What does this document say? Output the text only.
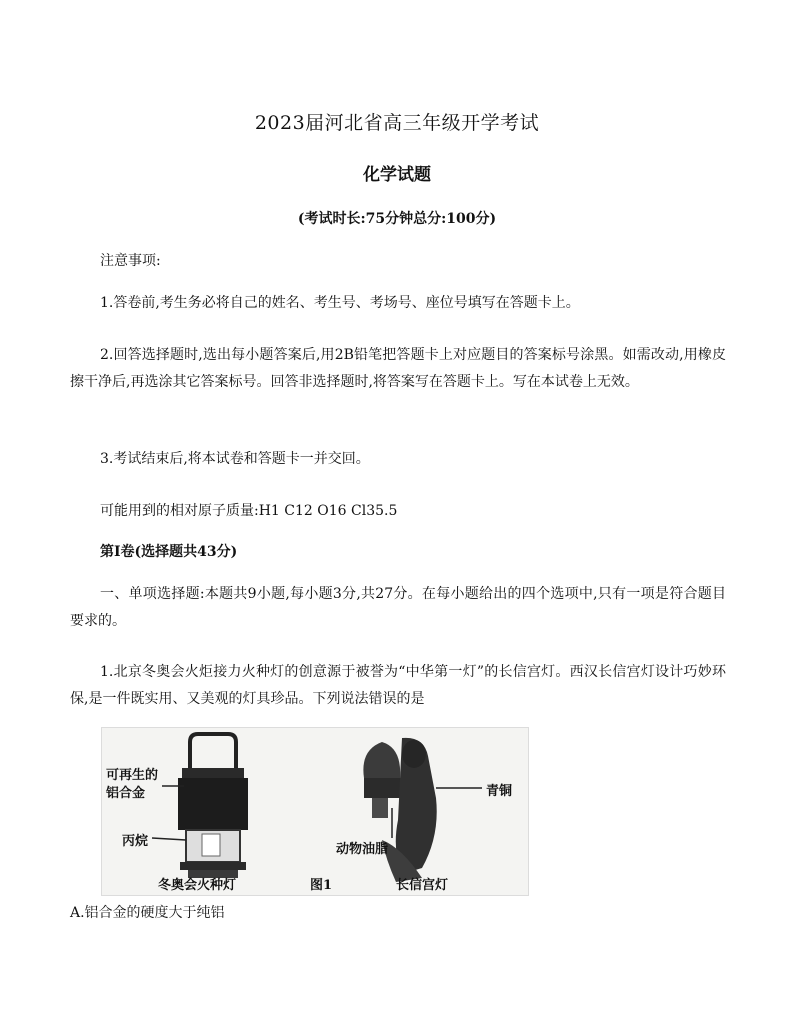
2023届河北省高三年级开学考试
化学试题
(考试时长:75分钟总分:100分)
注意事项:
1.答卷前,考生务必将自己的姓名、考生号、考场号、座位号填写在答题卡上。
2.回答选择题时,选出每小题答案后,用2B铅笔把答题卡上对应题目的答案标号涂黑。如需改动,用橡皮擦干净后,再选涂其它答案标号。回答非选择题时,将答案写在答题卡上。写在本试卷上无效。
3.考试结束后,将本试卷和答题卡一并交回。
可能用到的相对原子质量:H1 C12 O16 Cl35.5
第Ⅰ卷(选择题共43分)
一、单项选择题:本题共9小题,每小题3分,共27分。在每小题给出的四个选项中,只有一项是符合题目要求的。
1.北京冬奥会火炬接力火种灯的创意源于被誉为“中华第一灯”的长信宫灯。西汉长信宫灯设计巧妙环保,是一件既实用、又美观的灯具珍品。下列说法错误的是
可再生的
铝合金
丙烷
青铜
动物油脂
冬奥会火种灯	图1	长信宫灯
A.铝合金的硬度大于纯铝
